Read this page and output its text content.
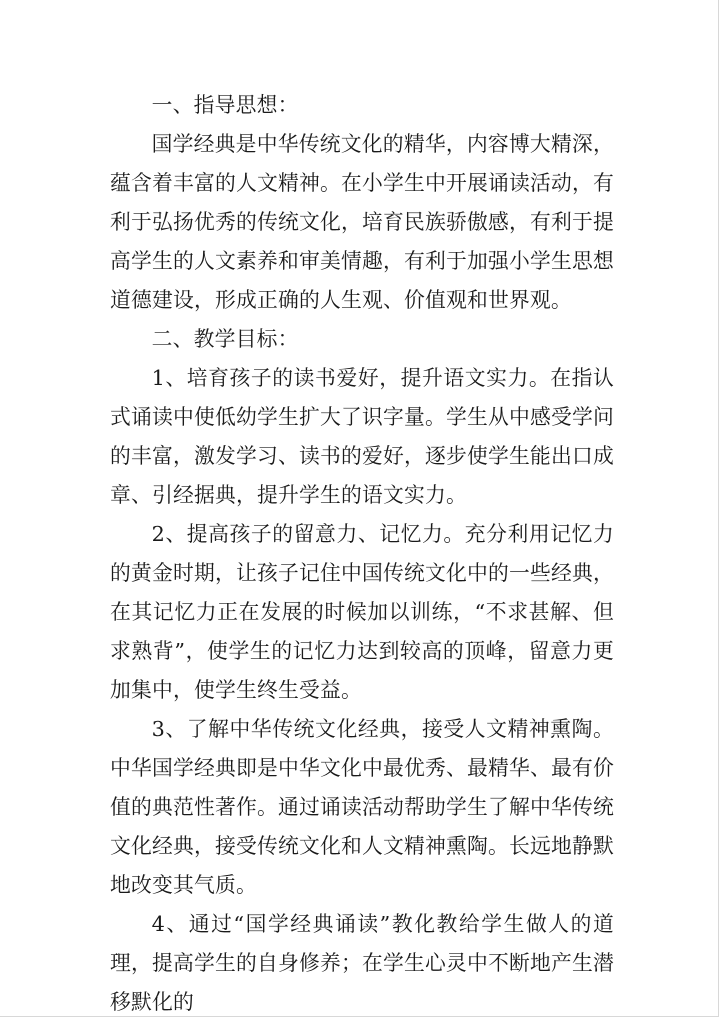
一、指导思想：

国学经典是中华传统文化的精华，内容博大精深，蕴含着丰富的人文精神。在小学生中开展诵读活动，有利于弘扬优秀的传统文化，培育民族骄傲感，有利于提高学生的人文素养和审美情趣，有利于加强小学生思想道德建设，形成正确的人生观、价值观和世界观。

二、教学目标：

1、培育孩子的读书爱好，提升语文实力。在指认式诵读中使低幼学生扩大了识字量。学生从中感受学问的丰富，激发学习、读书的爱好，逐步使学生能出口成章、引经据典，提升学生的语文实力。

2、提高孩子的留意力、记忆力。充分利用记忆力的黄金时期，让孩子记住中国传统文化中的一些经典，在其记忆力正在发展的时候加以训练，“不求甚解、但求熟背”，使学生的记忆力达到较高的顶峰，留意力更加集中，使学生终生受益。

3、了解中华传统文化经典，接受人文精神熏陶。中华国学经典即是中华文化中最优秀、最精华、最有价值的典范性著作。通过诵读活动帮助学生了解中华传统文化经典，接受传统文化和人文精神熏陶。长远地静默地改变其气质。

4、通过“国学经典诵读”教化教给学生做人的道理，提高学生的自身修养；在学生心灵中不断地产生潜移默化的
